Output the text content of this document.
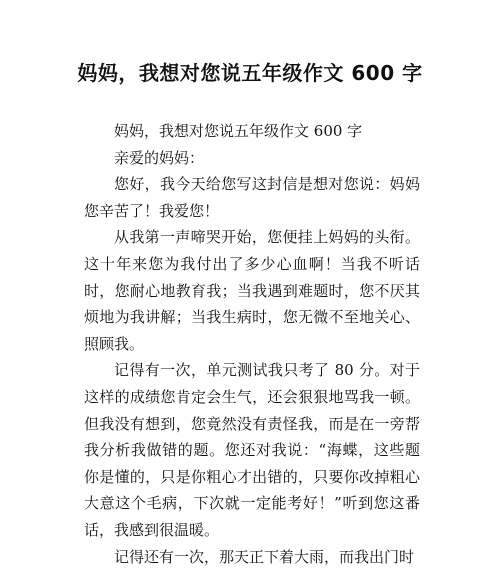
妈妈，我想对您说五年级作文 600 字

妈妈，我想对您说五年级作文 600 字

亲爱的妈妈：

您好，我今天给您写这封信是想对您说：妈妈您辛苦了！我爱您！

从我第一声啼哭开始，您便挂上妈妈的头衔。这十年来您为我付出了多少心血啊！当我不听话时，您耐心地教育我；当我遇到难题时，您不厌其烦地为我讲解；当我生病时，您无微不至地关心、照顾我。

记得有一次，单元测试我只考了 80 分。对于这样的成绩您肯定会生气，还会狠狠地骂我一顿。但我没有想到，您竟然没有责怪我，而是在一旁帮我分析我做错的题。您还对我说：“海蝶，这些题你是懂的，只是你粗心才出错的，只要你改掉粗心大意这个毛病，下次就一定能考好！”听到您这番话，我感到很温暖。

记得还有一次，那天正下着大雨，而我出门时
